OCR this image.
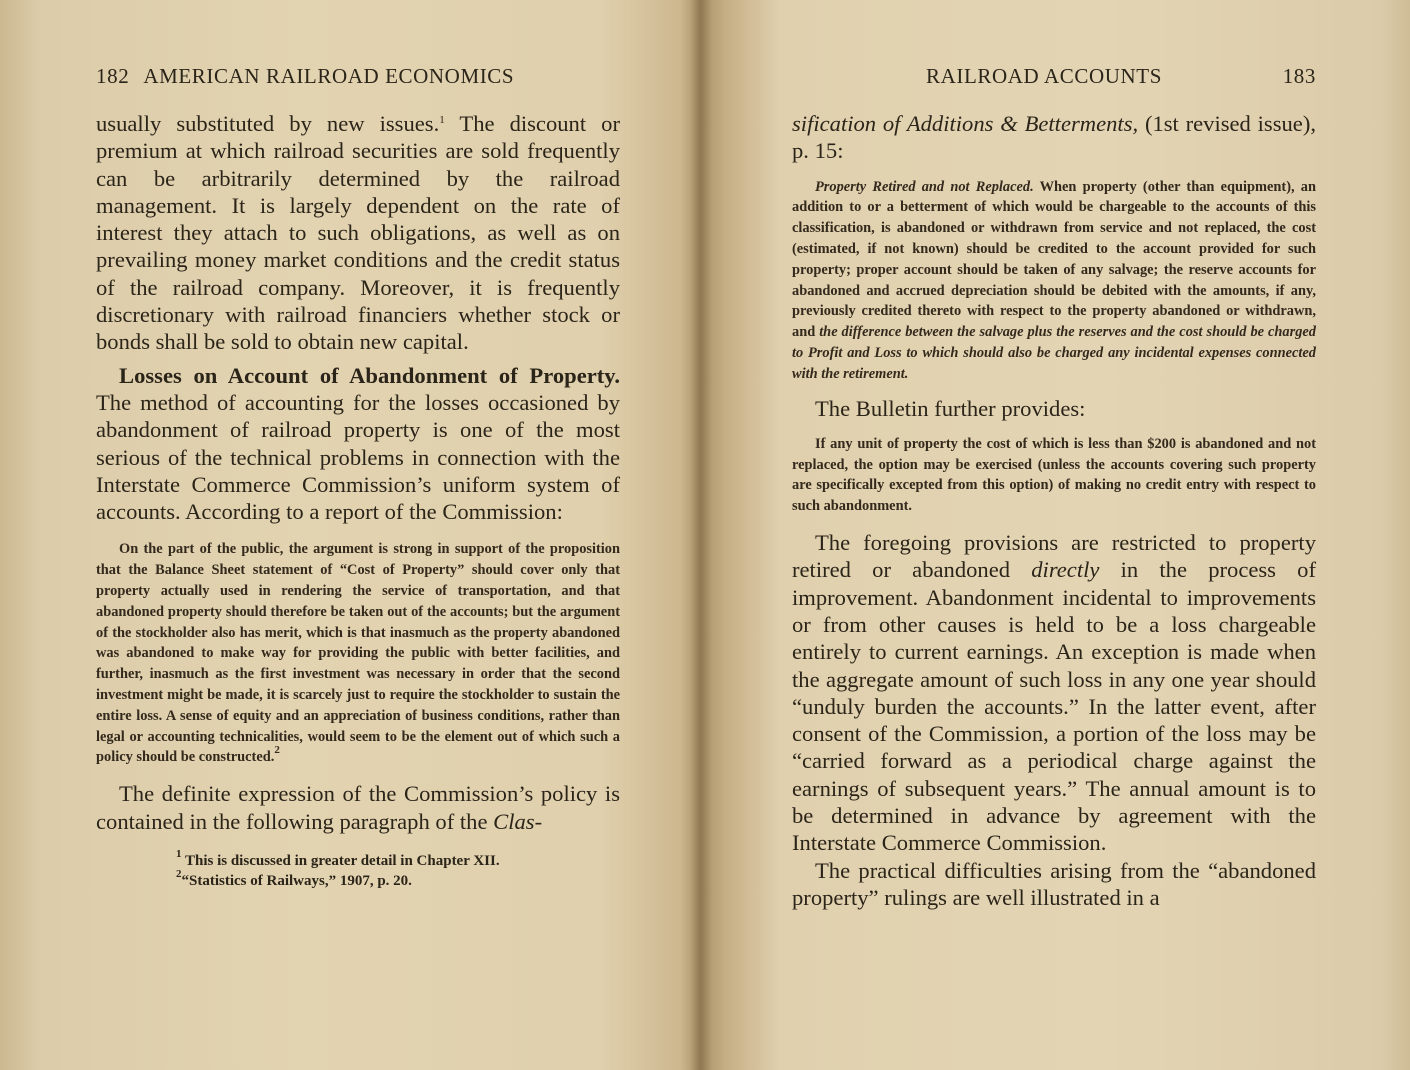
182 AMERICAN RAILROAD ECONOMICS

usually substituted by new issues.$^1$ The discount or premium at which railroad securities are sold frequently can be arbitrarily determined by the railroad management. It is largely dependent on the rate of interest they attach to such obligations, as well as on prevailing money market conditions and the credit status of the railroad company. Moreover, it is frequently discretionary with railroad financiers whether stock or bonds shall be sold to obtain new capital.

Losses on Account of Abandonment of Property. The method of accounting for the losses occasioned by abandonment of railroad property is one of the most serious of the technical problems in connection with the Interstate Commerce Commission’s uniform system of accounts. According to a report of the Commission:

On the part of the public, the argument is strong in support of the proposition that the Balance Sheet statement of “Cost of Property” should cover only that property actually used in rendering the service of transportation, and that abandoned property should therefore be taken out of the accounts; but the argument of the stockholder also has merit, which is that inasmuch as the property abandoned was abandoned to make way for providing the public with better facilities, and further, inasmuch as the first investment was necessary in order that the second investment might be made, it is scarcely just to require the stockholder to sustain the entire loss. A sense of equity and an appreciation of business conditions, rather than legal or accounting technicalities, would seem to be the element out of which such a policy should be constructed.$^2$

The definite expression of the Commission’s policy is contained in the following paragraph of the Clas-

$^1$ This is discussed in greater detail in Chapter XII.

$^2$“Statistics of Railways,” 1907, p. 20.

RAILROAD ACCOUNTS	183

sification of Additions & Betterments, (1st revised issue), p. 15:

Property Retired and not Replaced. When property (other than equipment), an addition to or a betterment of which would be chargeable to the accounts of this classification, is abandoned or withdrawn from service and not replaced, the cost (estimated, if not known) should be credited to the account provided for such property; proper account should be taken of any salvage; the reserve accounts for abandoned and accrued depreciation should be debited with the amounts, if any, previously credited thereto with respect to the property abandoned or withdrawn, and the difference between the salvage plus the reserves and the cost should be charged to Profit and Loss to which should also be charged any incidental expenses connected with the retirement.

The Bulletin further provides:

If any unit of property the cost of which is less than $200 is abandoned and not replaced, the option may be exercised (unless the accounts covering such property are specifically excepted from this option) of making no credit entry with respect to such abandonment.

The foregoing provisions are restricted to property retired or abandoned directly in the process of improvement. Abandonment incidental to improvements or from other causes is held to be a loss chargeable entirely to current earnings. An exception is made when the aggregate amount of such loss in any one year should “unduly burden the accounts.” In the latter event, after consent of the Commission, a portion of the loss may be “carried forward as a periodical charge against the earnings of subsequent years.” The annual amount is to be determined in advance by agreement with the Interstate Commerce Commission.

The practical difficulties arising from the “abandoned property” rulings are well illustrated in a
